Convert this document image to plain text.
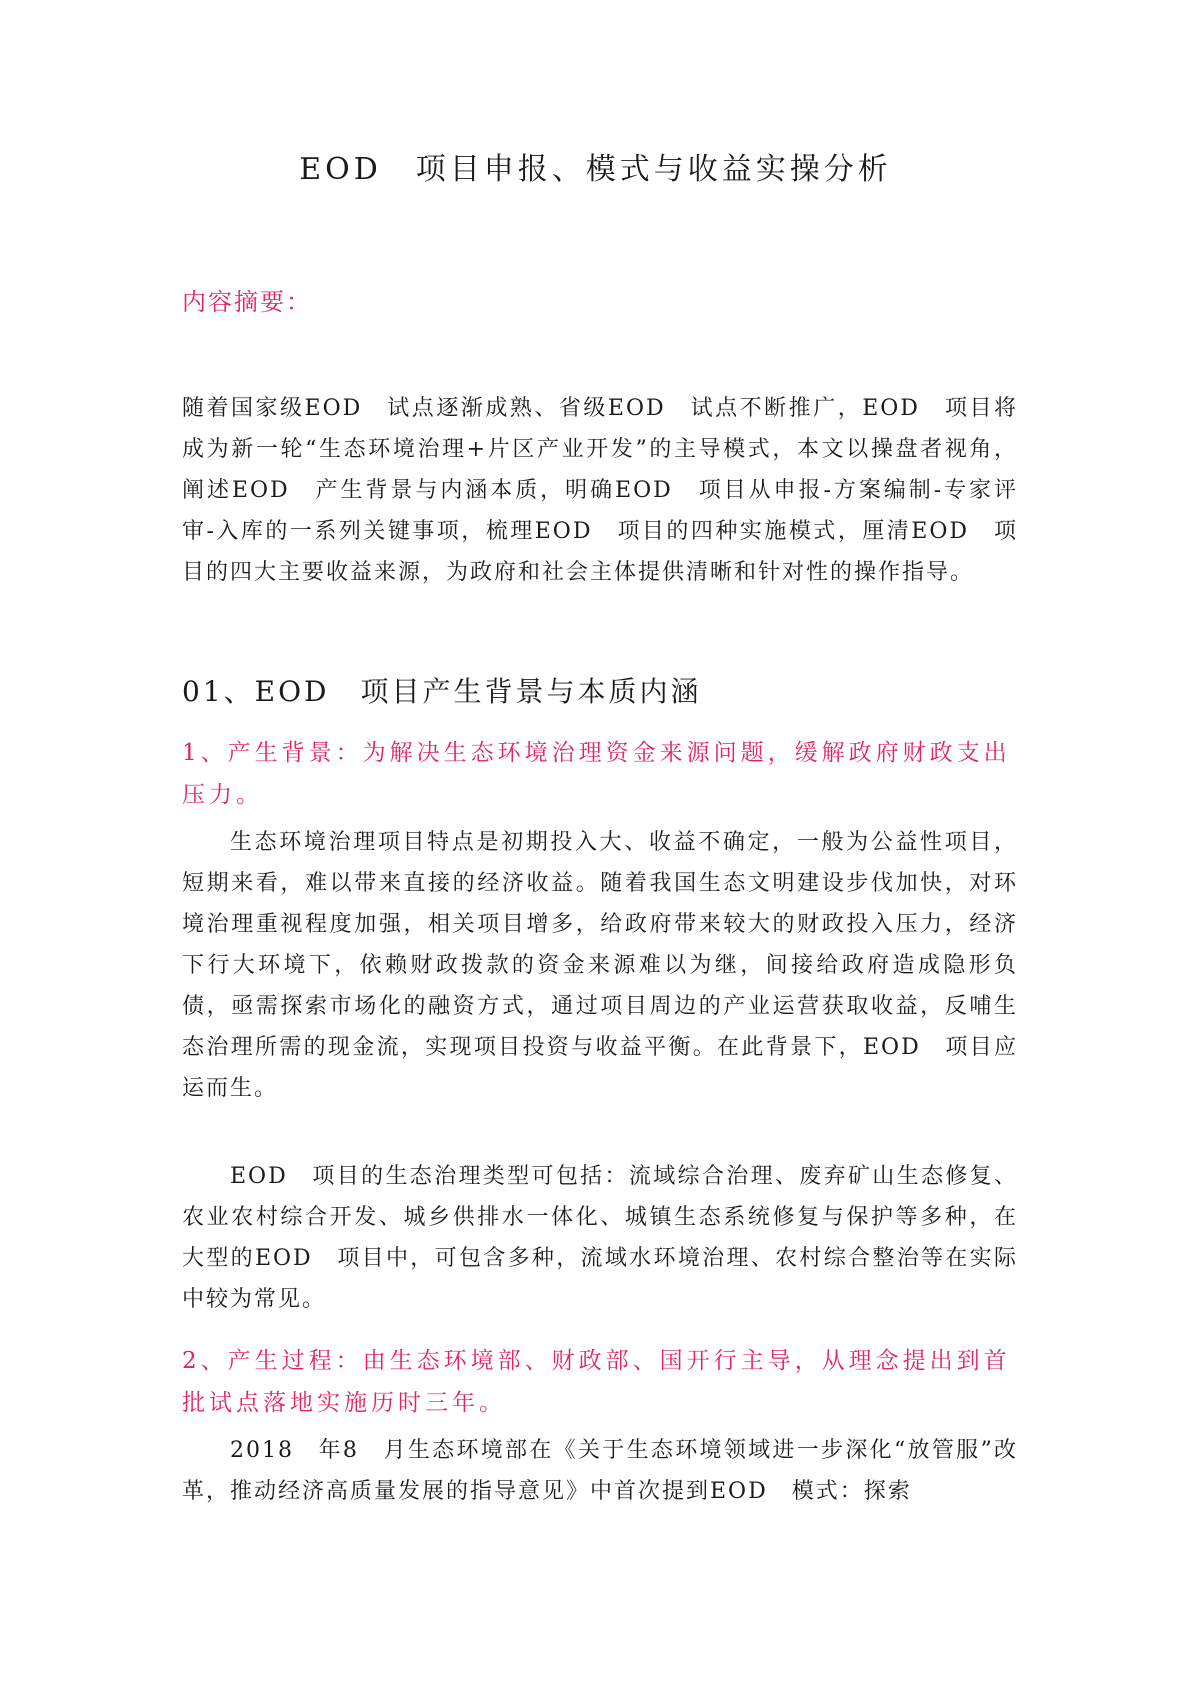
EOD　项目申报、模式与收益实操分析
内容摘要：
随着国家级EOD　试点逐渐成熟、省级EOD　试点不断推广，EOD　项目将成为新一轮“生态环境治理+片区产业开发”的主导模式，本文以操盘者视角，阐述EOD　产生背景与内涵本质，明确EOD　项目从申报-方案编制-专家评审-入库的一系列关键事项，梳理EOD　项目的四种实施模式，厘清EOD　项目的四大主要收益来源，为政府和社会主体提供清晰和针对性的操作指导。
01、EOD　项目产生背景与本质内涵
1、产生背景：为解决生态环境治理资金来源问题，缓解政府财政支出压力。
生态环境治理项目特点是初期投入大、收益不确定，一般为公益性项目，短期来看，难以带来直接的经济收益。随着我国生态文明建设步伐加快，对环境治理重视程度加强，相关项目增多，给政府带来较大的财政投入压力，经济下行大环境下，依赖财政拨款的资金来源难以为继，间接给政府造成隐形负债，亟需探索市场化的融资方式，通过项目周边的产业运营获取收益，反哺生态治理所需的现金流，实现项目投资与收益平衡。在此背景下，EOD　项目应运而生。
EOD　项目的生态治理类型可包括：流域综合治理、废弃矿山生态修复、农业农村综合开发、城乡供排水一体化、城镇生态系统修复与保护等多种，在大型的EOD　项目中，可包含多种，流域水环境治理、农村综合整治等在实际中较为常见。
2、产生过程：由生态环境部、财政部、国开行主导，从理念提出到首批试点落地实施历时三年。
2018　年8　月生态环境部在《关于生态环境领域进一步深化“放管服”改革，推动经济高质量发展的指导意见》中首次提到EOD　模式：探索
